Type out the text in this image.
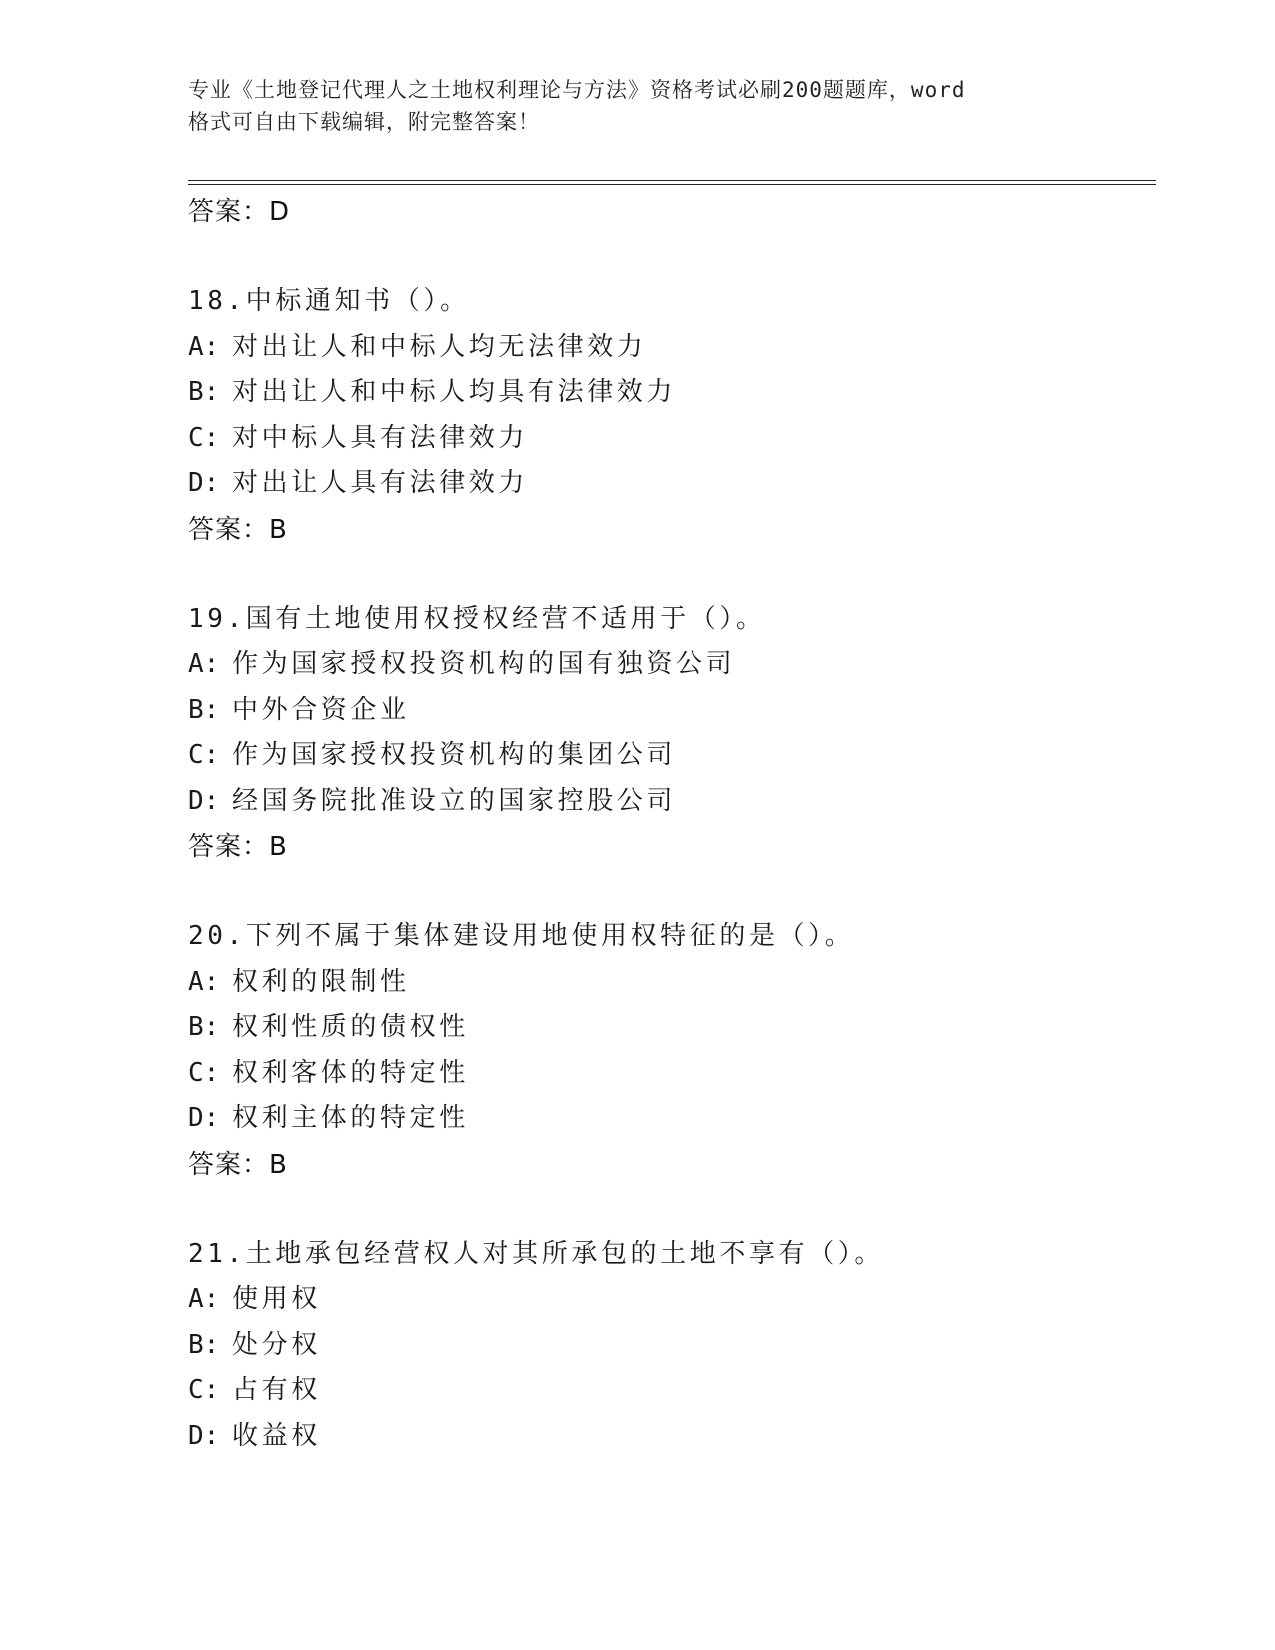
专业《土地登记代理人之土地权利理论与方法》资格考试必刷200题题库，word
格式可自由下载编辑，附完整答案！
答案：D
18.中标通知书（）。
A: 对出让人和中标人均无法律效力
B: 对出让人和中标人均具有法律效力
C: 对中标人具有法律效力
D: 对出让人具有法律效力
答案：B
19.国有土地使用权授权经营不适用于（）。
A: 作为国家授权投资机构的国有独资公司
B: 中外合资企业
C: 作为国家授权投资机构的集团公司
D: 经国务院批准设立的国家控股公司
答案：B
20.下列不属于集体建设用地使用权特征的是（）。
A: 权利的限制性
B: 权利性质的债权性
C: 权利客体的特定性
D: 权利主体的特定性
答案：B
21.土地承包经营权人对其所承包的土地不享有（）。
A: 使用权
B: 处分权
C: 占有权
D: 收益权
